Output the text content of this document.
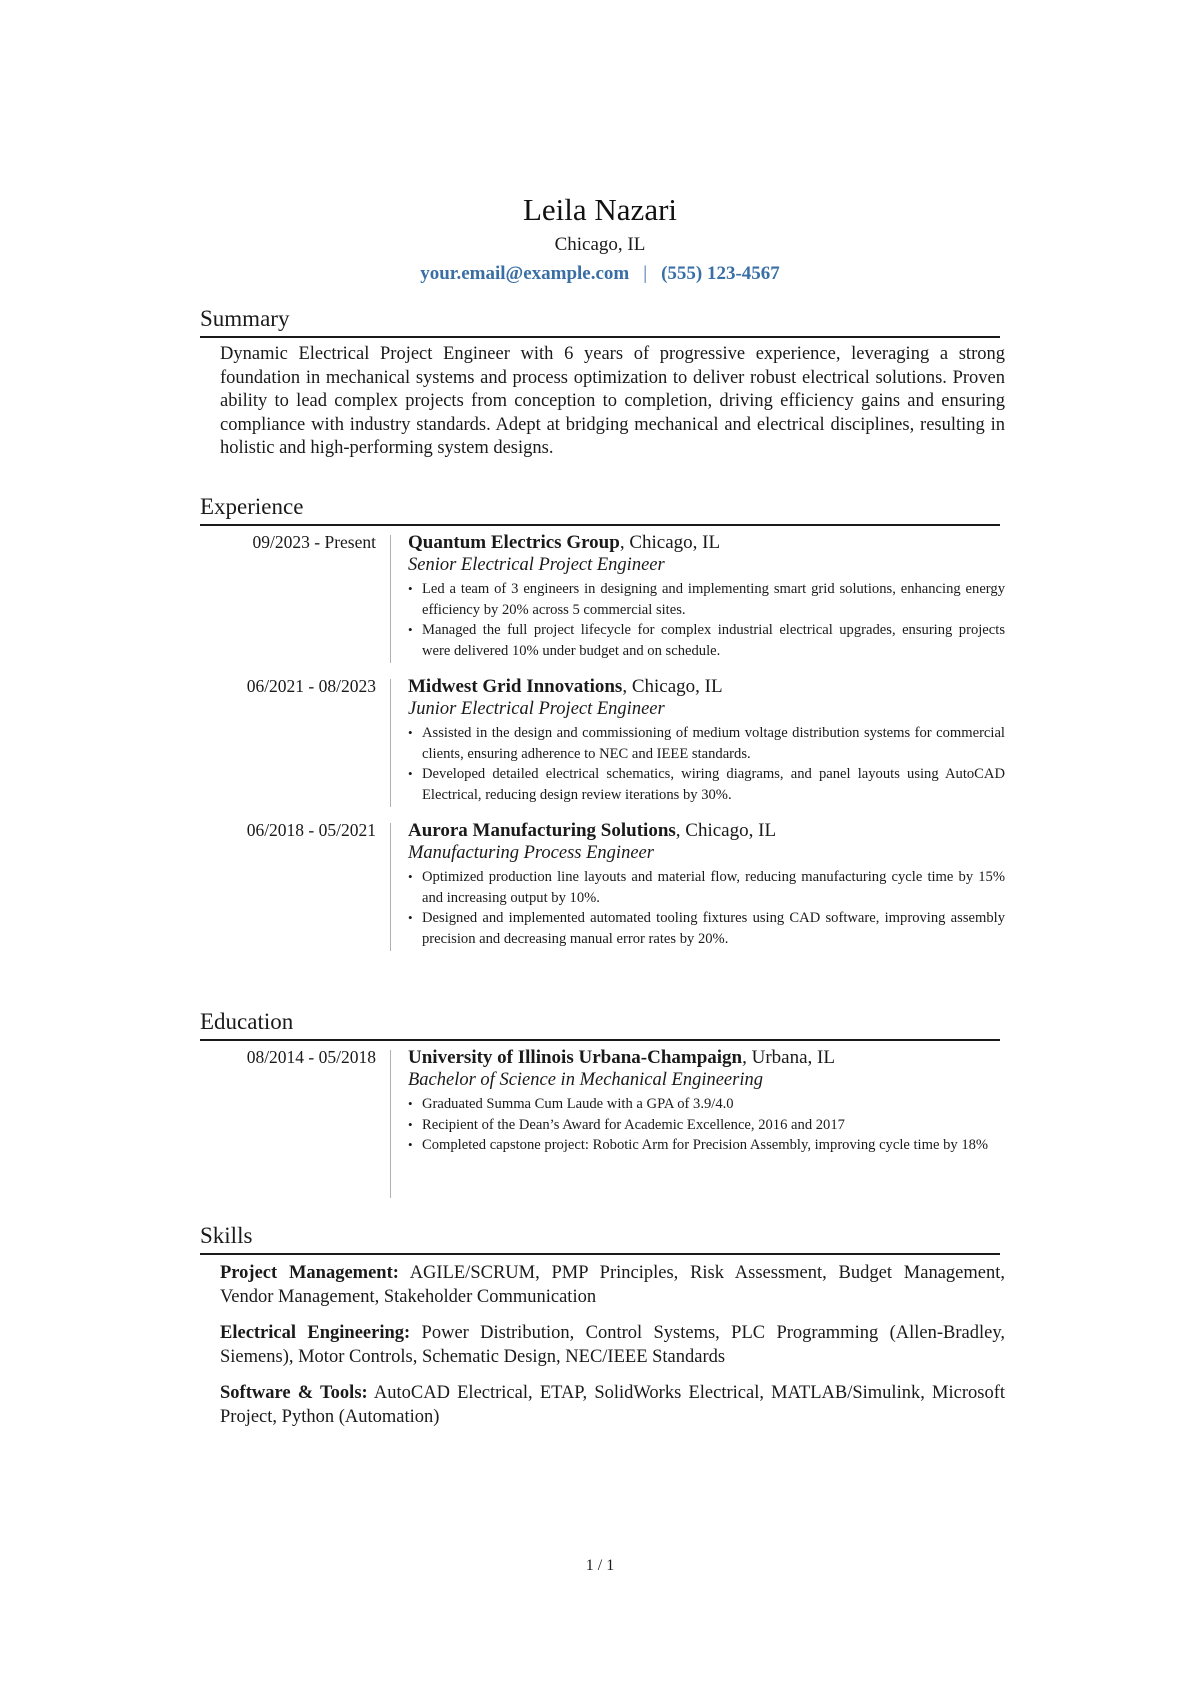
Leila Nazari
Chicago, IL
your.email@example.com | (555) 123-4567
Summary
Dynamic Electrical Project Engineer with 6 years of progressive experience, leveraging a strong foundation in mechanical systems and process optimization to deliver robust electrical solutions. Proven ability to lead complex projects from conception to completion, driving efficiency gains and ensuring compliance with industry standards. Adept at bridging mechanical and electrical disciplines, resulting in holistic and high-performing system designs.
Experience
09/2023 - Present Quantum Electrics Group, Chicago, IL
Senior Electrical Project Engineer
• Led a team of 3 engineers in designing and implementing smart grid solutions, enhancing energy efficiency by 20% across 5 commercial sites.
• Managed the full project lifecycle for complex industrial electrical upgrades, ensuring projects were delivered 10% under budget and on schedule.
06/2021 - 08/2023 Midwest Grid Innovations, Chicago, IL
Junior Electrical Project Engineer
• Assisted in the design and commissioning of medium voltage distribution systems for commercial clients, ensuring adherence to NEC and IEEE standards.
• Developed detailed electrical schematics, wiring diagrams, and panel layouts using AutoCAD Electrical, reducing design review iterations by 30%.
06/2018 - 05/2021 Aurora Manufacturing Solutions, Chicago, IL
Manufacturing Process Engineer
• Optimized production line layouts and material flow, reducing manufacturing cycle time by 15% and increasing output by 10%.
• Designed and implemented automated tooling fixtures using CAD software, improving assembly precision and decreasing manual error rates by 20%.
Education
08/2014 - 05/2018 University of Illinois Urbana-Champaign, Urbana, IL
Bachelor of Science in Mechanical Engineering
• Graduated Summa Cum Laude with a GPA of 3.9/4.0
• Recipient of the Dean’s Award for Academic Excellence, 2016 and 2017
• Completed capstone project: Robotic Arm for Precision Assembly, improving cycle time by 18%
Skills
Project Management: AGILE/SCRUM, PMP Principles, Risk Assessment, Budget Management, Vendor Management, Stakeholder Communication
Electrical Engineering: Power Distribution, Control Systems, PLC Programming (Allen-Bradley, Siemens), Motor Controls, Schematic Design, NEC/IEEE Standards
Software & Tools: AutoCAD Electrical, ETAP, SolidWorks Electrical, MATLAB/Simulink, Microsoft Project, Python (Automation)
1 / 1
